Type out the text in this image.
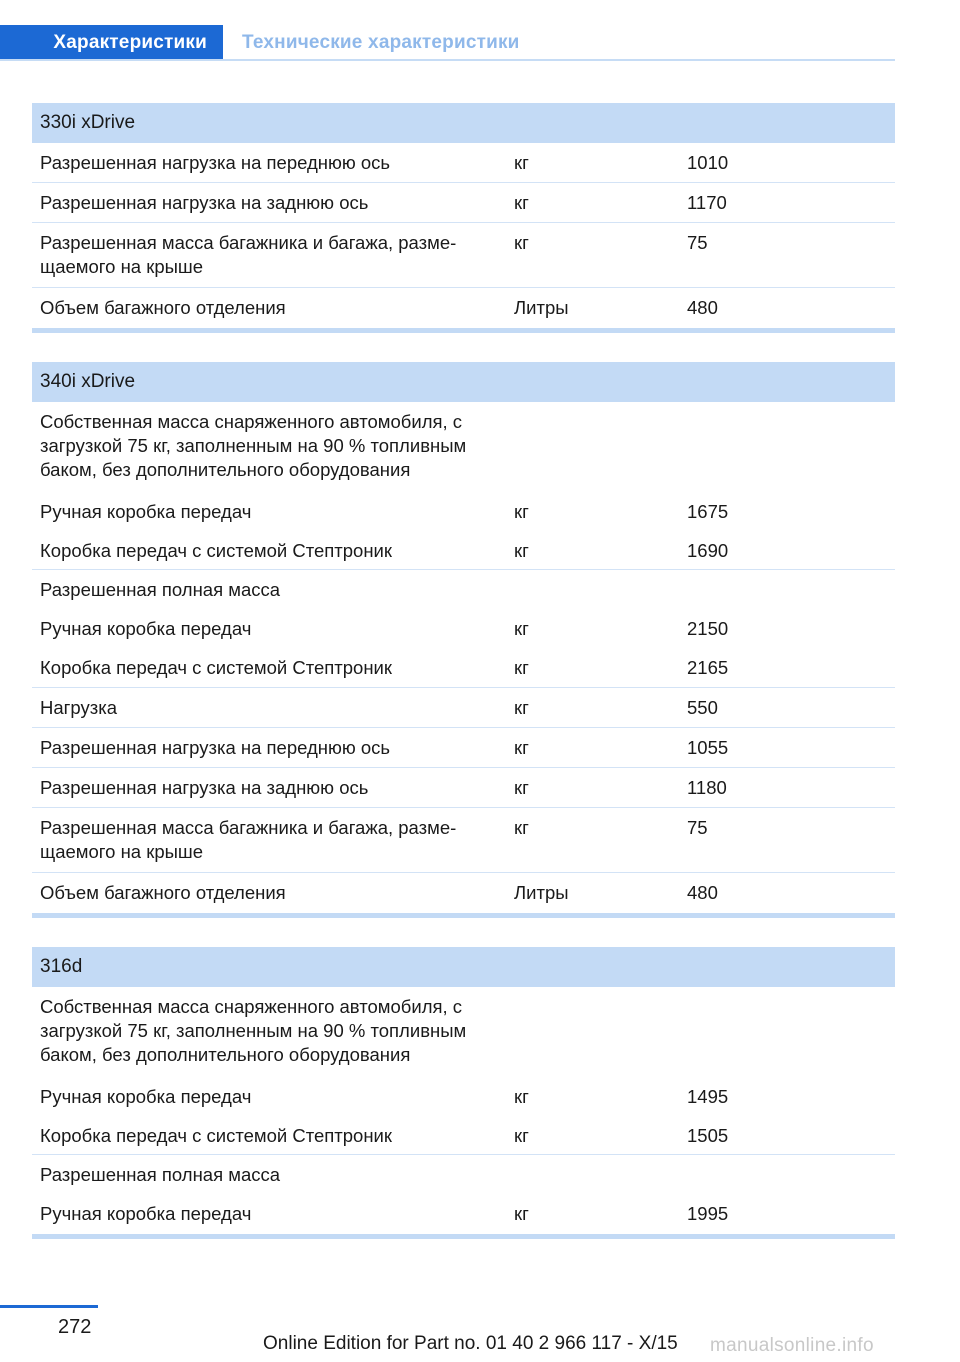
Характеристики	Технические характеристики
330i xDrive
Разрешенная нагрузка на переднюю ось	кг	1010
Разрешенная нагрузка на заднюю ось	кг	1170
Разрешенная масса багажника и багажа, разме-
щаемого на крыше
кг	75
Объем багажного отделения	Литры	480
340i xDrive
Собственная масса снаряженного автомобиля, с
загрузкой 75 кг, заполненным на 90 % топливным
баком, без дополнительного оборудования
Ручная коробка передач	кг	1675
Коробка передач с системой Стептроник	кг	1690
Разрешенная полная масса
Ручная коробка передач	кг	2150
Коробка передач с системой Стептроник	кг	2165
Нагрузка	кг	550
Разрешенная нагрузка на переднюю ось	кг	1055
Разрешенная нагрузка на заднюю ось	кг	1180
Разрешенная масса багажника и багажа, разме-
щаемого на крыше
кг	75
Объем багажного отделения	Литры	480
316d
Собственная масса снаряженного автомобиля, с
загрузкой 75 кг, заполненным на 90 % топливным
баком, без дополнительного оборудования
Ручная коробка передач	кг	1495
Коробка передач с системой Стептроник	кг	1505
Разрешенная полная масса
Ручная коробка передач	кг	1995
272
Online Edition for Part no. 01 40 2 966 117 - X/15 manualsonline.info
